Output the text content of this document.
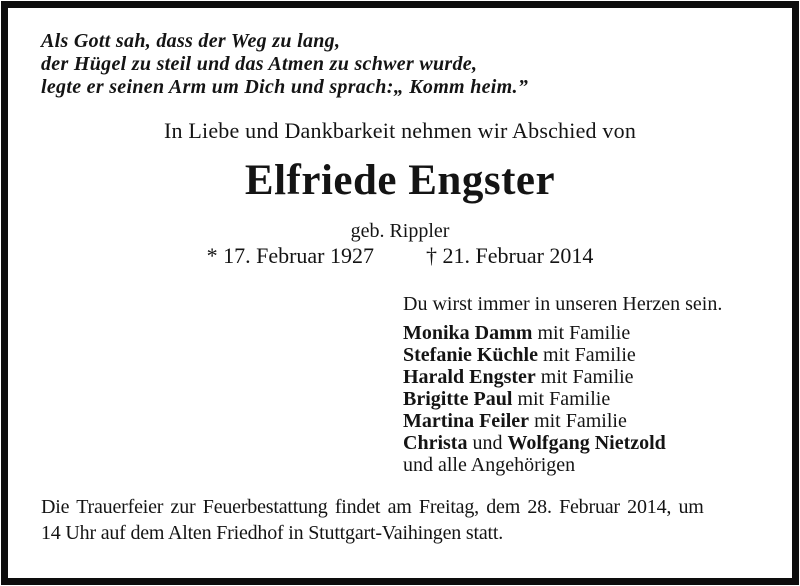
Als Gott sah, dass der Weg zu lang,
der Hügel zu steil und das Atmen zu schwer wurde,
legte er seinen Arm um Dich und sprach:„ Komm heim.”
In Liebe und Dankbarkeit nehmen wir Abschied von
Elfriede Engster
geb. Rippler
* 17. Februar 1927 † 21. Februar 2014
Du wirst immer in unseren Herzen sein.
Monika Damm mit Familie
Stefanie Küchle mit Familie
Harald Engster mit Familie
Brigitte Paul mit Familie
Martina Feiler mit Familie
Christa und Wolfgang Nietzold
und alle Angehörigen
Die Trauerfeier zur Feuerbestattung findet am Freitag, dem 28. Februar 2014, um
14 Uhr auf dem Alten Friedhof in Stuttgart-Vaihingen statt.
